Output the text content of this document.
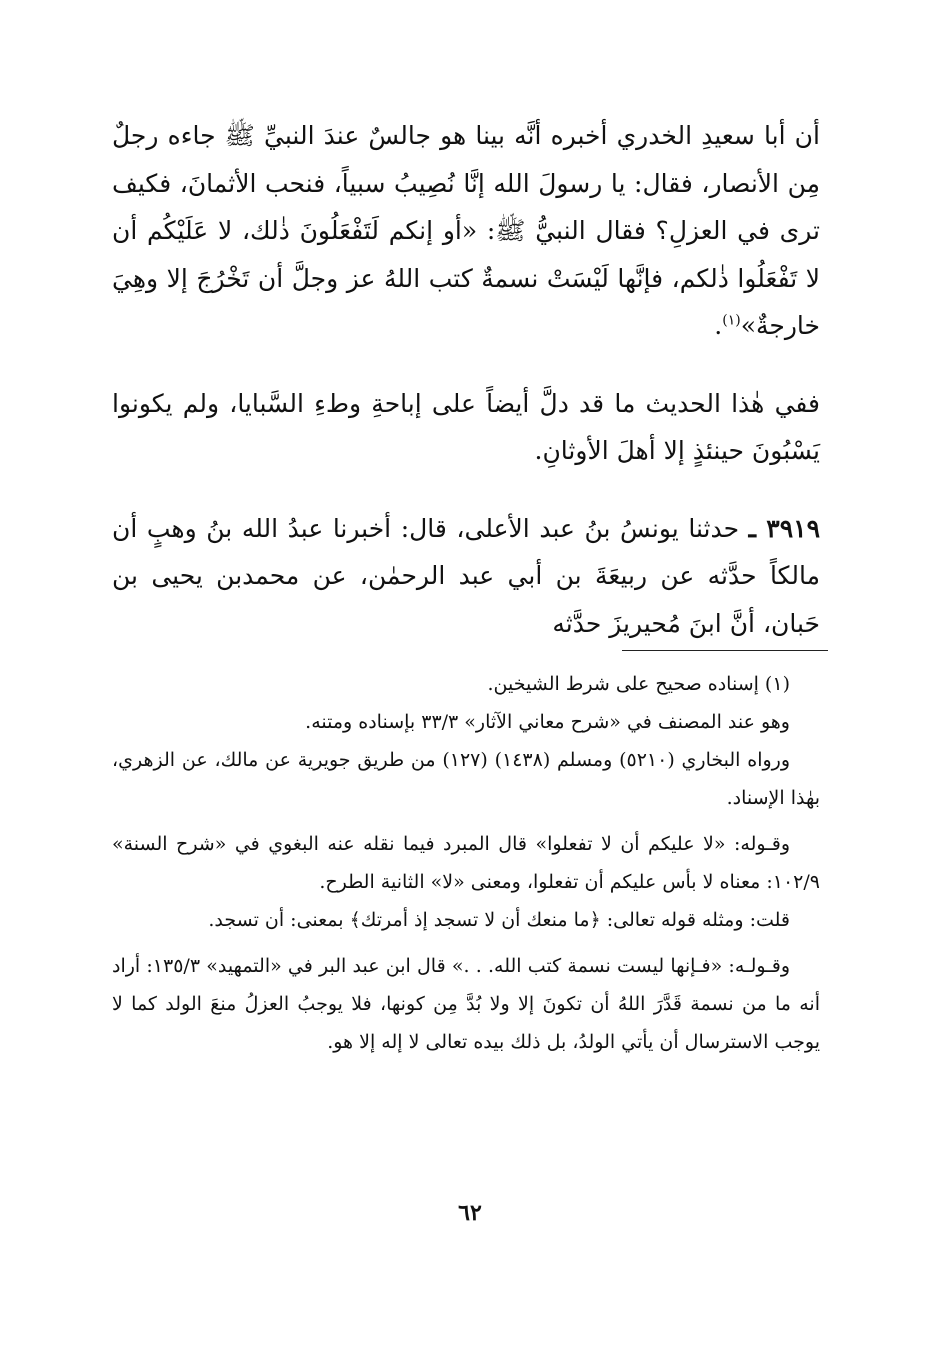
أن أبا سعيدِ الخدري أخبره أنَّه بينا هو جالسٌ عندَ النبيِّ ﷺ جاءه رجلٌ مِن الأنصار، فقال: يا رسولَ الله إنَّا نُصِيبُ سبياً، فنحب الأثمانَ، فكيف ترى في العزلِ؟ فقال النبيُّ ﷺ: «أو إنكم لَتَفْعَلُونَ ذٰلك، لا عَلَيْكُم أن لا تَفْعَلُوا ذٰلكم، فإنَّها لَيْسَتْ نسمةٌ كتب اللهُ عز وجلَّ أن تَخْرُجَ إلا وهِيَ خارجةٌ»$^{(١)}$.

ففي هٰذا الحديث ما قد دلَّ أيضاً على إباحةِ وطءِ السَّبايا، ولم يكونوا يَسْبُونَ حينئذٍ إلا أهلَ الأوثانِ.

٣٩١٩ ـ حدثنا يونسُ بنُ عبد الأعلى، قال: أخبرنا عبدُ الله بنُ وهبٍ أن مالكاً حدَّثه عن ربيعَةَ بن أبي عبد الرحمٰن، عن محمدبن يحيى بن حَبان، أنَّ ابنَ مُحيريزَ حدَّثه

(١) إسناده صحيح على شرط الشيخين.

وهو عند المصنف في «شرح معاني الآثار» ٣٣/٣ بإسناده ومتنه.

ورواه البخاري (٥٢١٠) ومسلم (١٤٣٨) (١٢٧) من طريق جويرية عن مالك، عن الزهري، بهٰذا الإسناد.

وقـوله: «لا عليكم أن لا تفعلوا» قال المبرد فيما نقله عنه البغوي في «شرح السنة» ١٠٢/٩: معناه لا بأس عليكم أن تفعلوا، ومعنى «لا» الثانية الطرح.

قلت: ومثله قوله تعالى: ﴿ما منعك أن لا تسجد إذ أمرتك﴾ بمعنى: أن تسجد.

وقـولـه: «فـإنها ليست نسمة كتب الله. . .» قال ابن عبد البر في «التمهيد» ١٣٥/٣: أراد أنه ما من نسمة قَدَّرَ اللهُ أن تكونَ إلا ولا بُدَّ مِن كونها، فلا يوجبُ العزلُ منعَ الولد كما لا يوجب الاسترسال أن يأتي الولدُ، بل ذلك بيده تعالى لا إله إلا هو.

٦٢
